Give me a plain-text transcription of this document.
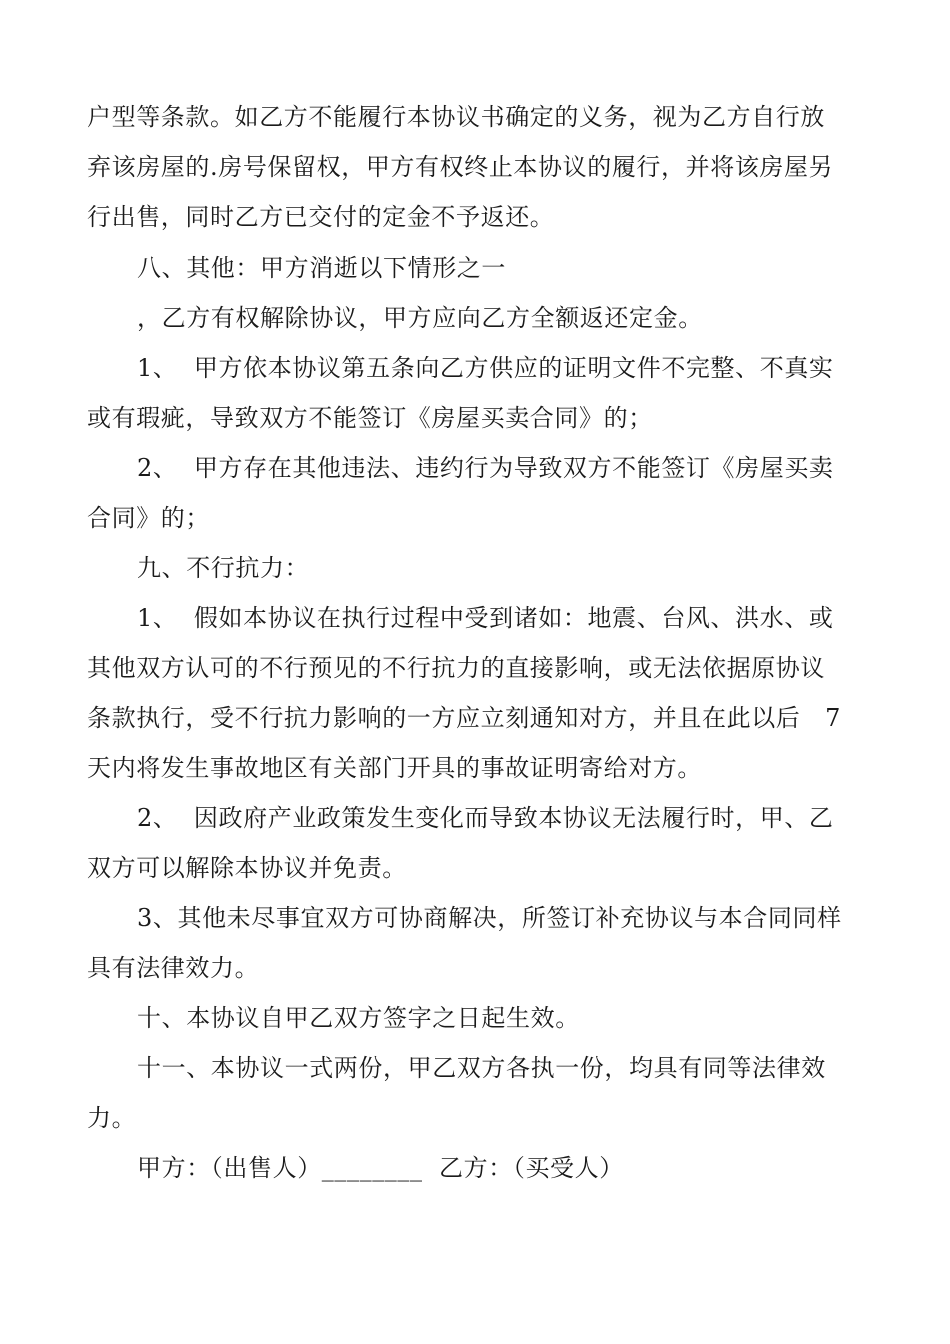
户型等条款。如乙方不能履行本协议书确定的义务，视为乙方自行放
弃该房屋的.房号保留权，甲方有权终止本协议的履行，并将该房屋另
行出售，同时乙方已交付的定金不予返还。
八、其他：甲方消逝以下情形之一
，乙方有权解除协议，甲方应向乙方全额返还定金。
1、  甲方依本协议第五条向乙方供应的证明文件不完整、不真实
或有瑕疵，导致双方不能签订《房屋买卖合同》的；
2、  甲方存在其他违法、违约行为导致双方不能签订《房屋买卖
合同》的；
九、不行抗力：
1、  假如本协议在执行过程中受到诸如：地震、台风、洪水、或
其他双方认可的不行预见的不行抗力的直接影响，或无法依据原协议
条款执行，受不行抗力影响的一方应立刻通知对方，并且在此以后   7
天内将发生事故地区有关部门开具的事故证明寄给对方。
2、  因政府产业政策发生变化而导致本协议无法履行时，甲、乙
双方可以解除本协议并免责。
3、其他未尽事宜双方可协商解决，所签订补充协议与本合同同样
具有法律效力。
十、本协议自甲乙双方签字之日起生效。
十一、本协议一式两份，甲乙双方各执一份，均具有同等法律效
力。
甲方：（出售人）________  乙方：（买受人）
